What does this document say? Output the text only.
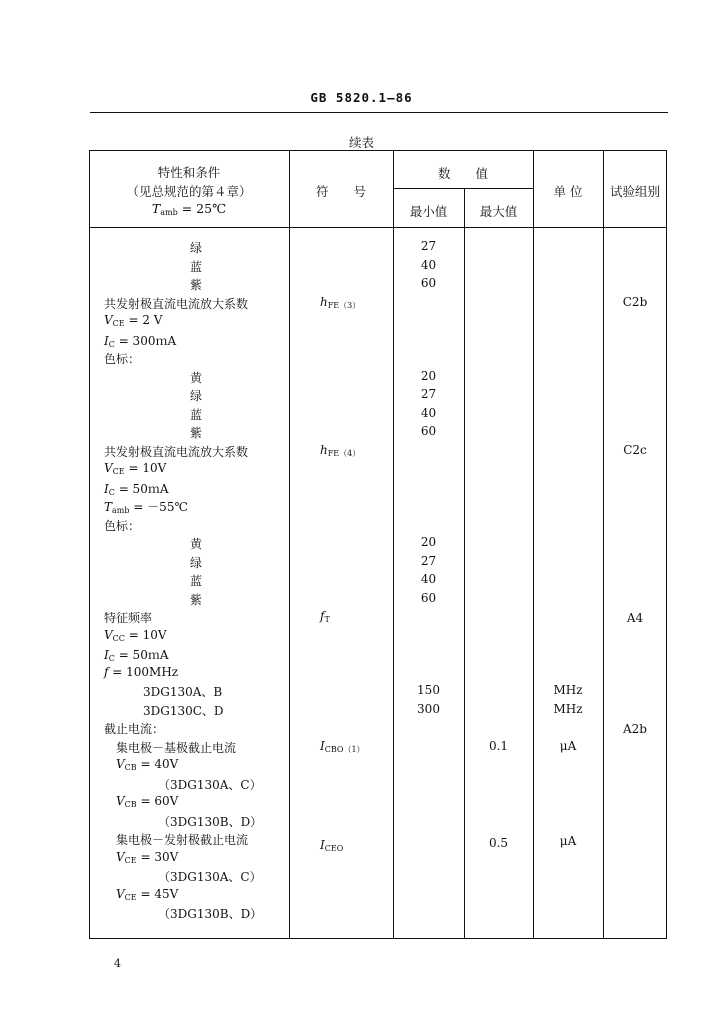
GB 5820.1—86
续表
特性和条件
（见总规范的第４章）
$T_{amb}$ = 25℃
符　　号
数　　值
最小值	最大值
单 位	试验组别
绿
蓝
紫
共发射极直流电流放大系数
$V_{CE} = 2$ V
$I_C$ = 300ｍA
色标：
黄
绿
蓝
紫
共发射极直流电流放大系数
$V_{CE} = 10V$
$I_C$ = 50ｍA
$T_{amb}$ = －55℃
色标：
黄
绿
蓝
紫
特征频率
$V_{CC} = 10V$
$I_C$ = 50ｍA
f = 100MHz
3DG130A、B
3DG130C、D
截止电流：
集电极－基极截止电流
$V_{CB} = 40V$
（3DG130A、C）
$V_{CB} = 60V$
（3DG130B、D）
集电极－发射极截止电流
$V_{CE} = 30V$
（3DG130A、C）
$V_{CE} = 45V$
（3DG130B、D）
$h_{FE(3)}$
$h_{FE(4)}$
$f_T$
$I_{CBO(1)}$
$I_{CEO}$
27
40
60
20
27
40
60
20
27
40
60
150
300
0.1
0.5
MHz
MHz
μA
μA
C2b
C2c
A4
A2b
4
